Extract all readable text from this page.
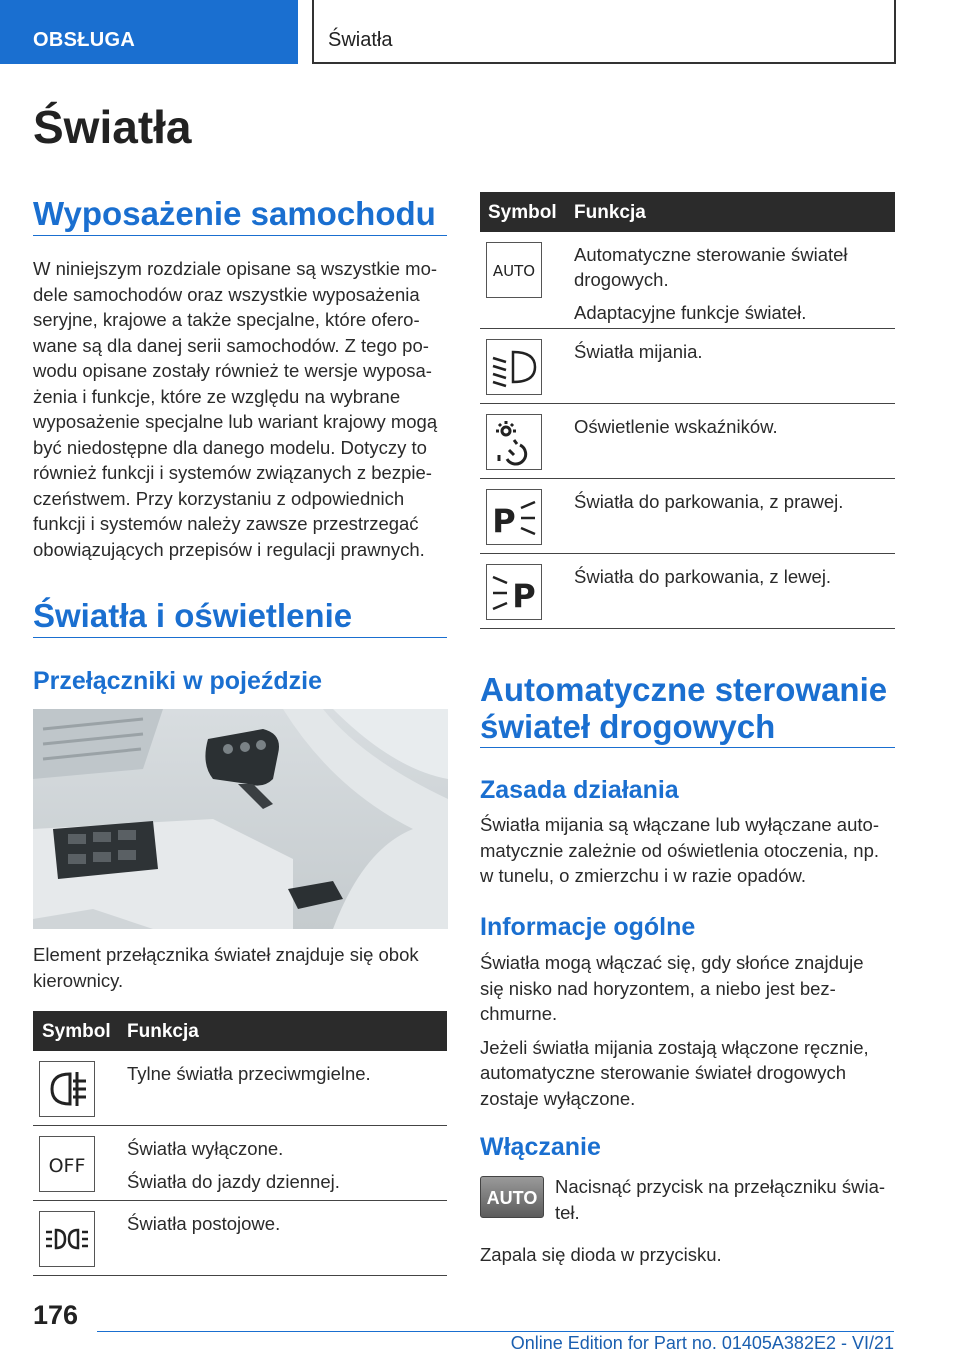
OBSŁUGA	Światła
Światła
Wyposażenie samochodu
W niniejszym rozdziale opisane są wszystkie mo-
dele samochodów oraz wszystkie wyposażenia
seryjne, krajowe a także specjalne, które ofero-
wane są dla danej serii samochodów. Z tego po-
wodu opisane zostały również te wersje wyposa-
żenia i funkcje, które ze względu na wybrane
wyposażenie specjalne lub wariant krajowy mogą
być niedostępne dla danego modelu. Dotyczy to
również funkcji i systemów związanych z bezpie-
czeństwem. Przy korzystaniu z odpowiednich
funkcji i systemów należy zawsze przestrzegać
obowiązujących przepisów i regulacji prawnych.
Światła i oświetlenie
Przełączniki w pojeździe
Element przełącznika świateł znajduje się obok
kierownicy.
Symbol Funkcja
Tylne światła przeciwmgielne.
OFF
Światła wyłączone.
Światła do jazdy dziennej.
Światła postojowe.
Symbol Funkcja
AUTO
Automatyczne sterowanie świateł drogowych.
Adaptacyjne funkcje świateł.
Światła mijania.
Oświetlenie wskaźników.
P
Światła do parkowania, z prawej.
P
Światła do parkowania, z lewej.
Automatyczne sterowanie
świateł drogowych
Zasada działania
Światła mijania są włączane lub wyłączane auto-
matycznie zależnie od oświetlenia otoczenia, np.
w tunelu, o zmierzchu i w razie opadów.
Informacje ogólne
Światła mogą włączać się, gdy słońce znajduje
się nisko nad horyzontem, a niebo jest bez-
chmurne.
Jeżeli światła mijania zostają włączone ręcznie,
automatyczne sterowanie świateł drogowych
zostaje wyłączone.
Włączanie
AUTO
Nacisnąć przycisk na przełączniku świa-
teł.
Zapala się dioda w przycisku.
176
Online Edition for Part no. 01405A382E2 - VI/21
